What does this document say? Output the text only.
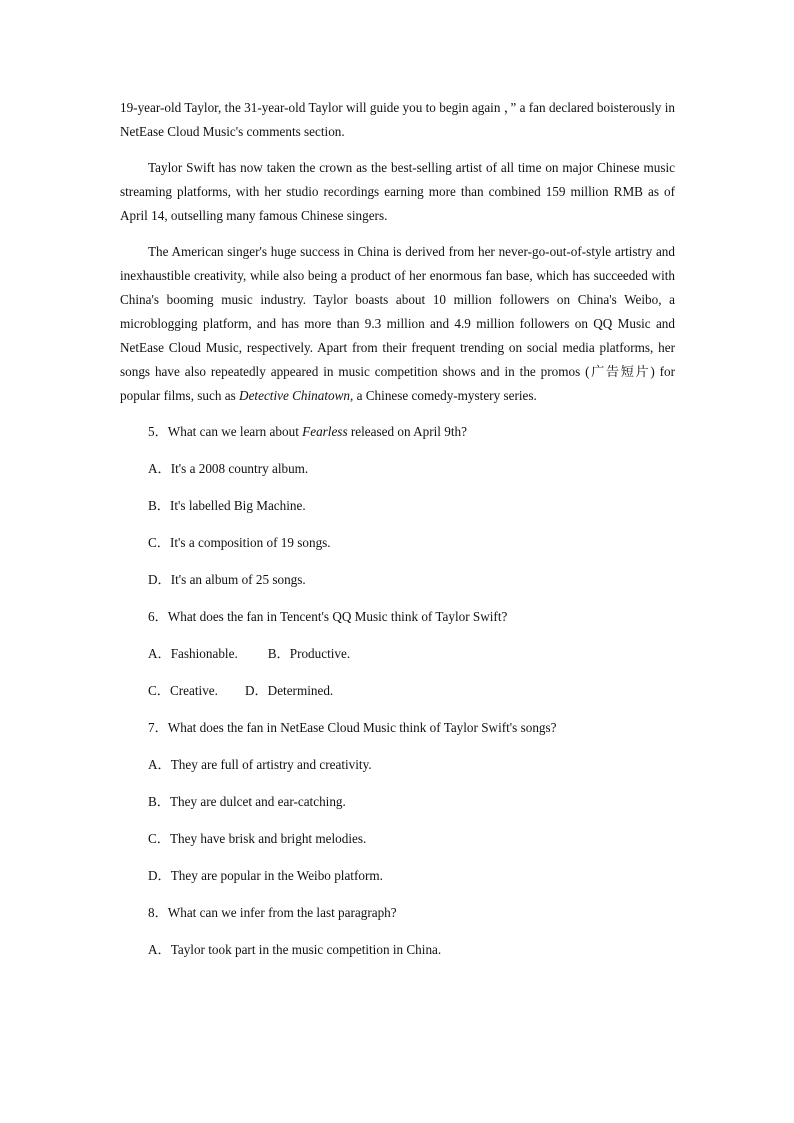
19-year-old Taylor, the 31-year-old Taylor will guide you to begin again ，” a fan declared boisterously in NetEase Cloud Music's comments section.

Taylor Swift has now taken the crown as the best-selling artist of all time on major Chinese music streaming platforms, with her studio recordings earning more than combined 159 million RMB as of April 14, outselling many famous Chinese singers.

The American singer's huge success in China is derived from her never-go-out-of-style artistry and inexhaustible creativity, while also being a product of her enormous fan base, which has succeeded with China's booming music industry. Taylor boasts about 10 million followers on China's Weibo, a microblogging platform, and has more than 9.3 million and 4.9 million followers on QQ Music and NetEase Cloud Music, respectively. Apart from their frequent trending on social media platforms, her songs have also repeatedly appeared in music competition shows and in the promos (广告短片) for popular films, such as Detective Chinatown, a Chinese comedy-mystery series.

5．What can we learn about Fearless released on April 9th?
A．It's a 2008 country album.
B．It's labelled Big Machine.
C．It's a composition of 19 songs.
D．It's an album of 25 songs.
6．What does the fan in Tencent's QQ Music think of Taylor Swift?
A．Fashionable. B．Productive.
C．Creative. D．Determined.
7．What does the fan in NetEase Cloud Music think of Taylor Swift's songs?
A．They are full of artistry and creativity.
B．They are dulcet and ear-catching.
C．They have brisk and bright melodies.
D．They are popular in the Weibo platform.
8．What can we infer from the last paragraph?
A．Taylor took part in the music competition in China.
